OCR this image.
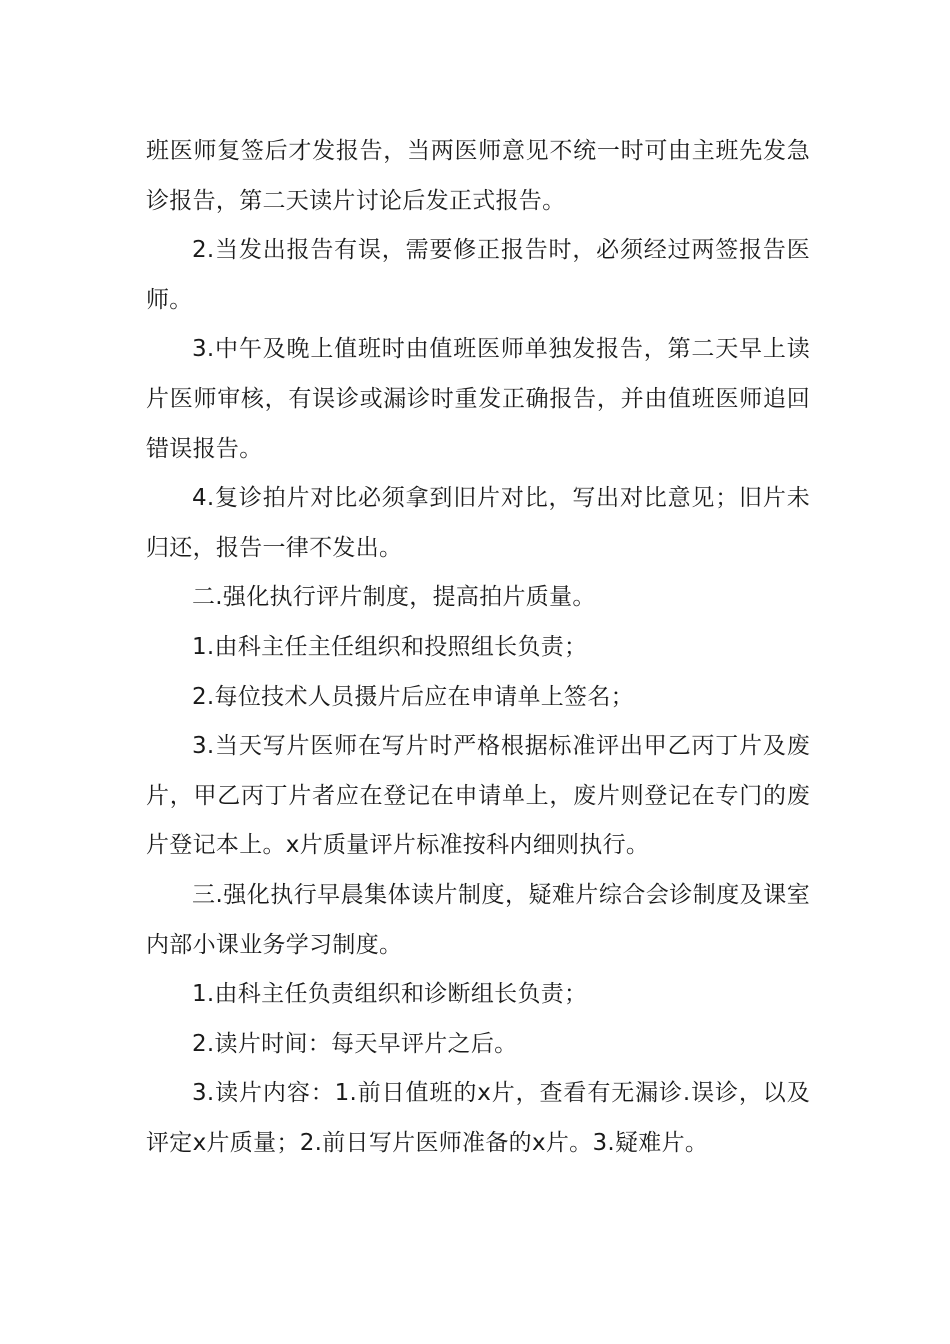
班医师复签后才发报告，当两医师意见不统一时可由主班先发急诊报告，第二天读片讨论后发正式报告。

2.当发出报告有误，需要修正报告时，必须经过两签报告医师。

3.中午及晚上值班时由值班医师单独发报告，第二天早上读片医师审核，有误诊或漏诊时重发正确报告，并由值班医师追回错误报告。

4.复诊拍片对比必须拿到旧片对比，写出对比意见；旧片未归还，报告一律不发出。

二.强化执行评片制度，提高拍片质量。

1.由科主任主任组织和投照组长负责；

2.每位技术人员摄片后应在申请单上签名；

3.当天写片医师在写片时严格根据标准评出甲乙丙丁片及废片，甲乙丙丁片者应在登记在申请单上，废片则登记在专门的废片登记本上。x片质量评片标准按科内细则执行。

三.强化执行早晨集体读片制度，疑难片综合会诊制度及课室内部小课业务学习制度。

1.由科主任负责组织和诊断组长负责；

2.读片时间：每天早评片之后。

3.读片内容：1.前日值班的x片，查看有无漏诊.误诊，以及评定x片质量；2.前日写片医师准备的x片。3.疑难片。
